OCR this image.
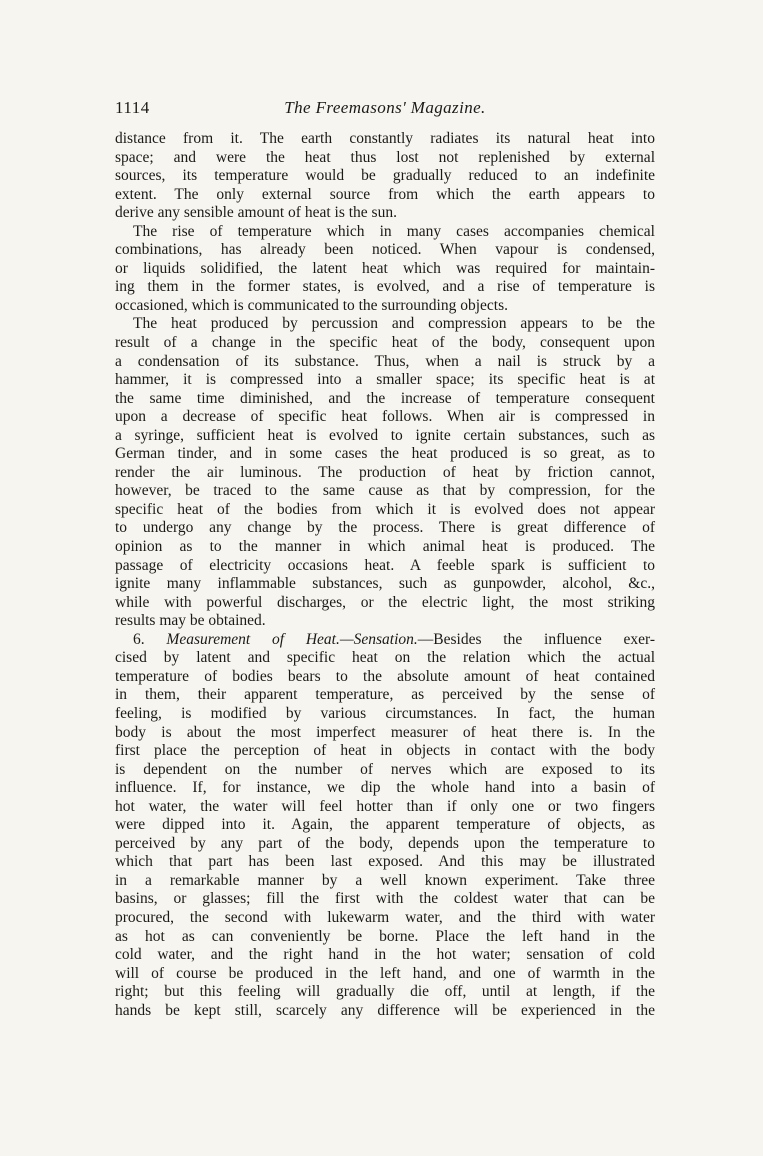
1114	The Freemasons' Magazine.

distance from it. The earth constantly radiates its natural heat into
space; and were the heat thus lost not replenished by external
sources, its temperature would be gradually reduced to an indefinite
extent. The only external source from which the earth appears to
derive any sensible amount of heat is the sun.

The rise of temperature which in many cases accompanies chemical
combinations, has already been noticed. When vapour is condensed,
or liquids solidified, the latent heat which was required for maintain-
ing them in the former states, is evolved, and a rise of temperature is
occasioned, which is communicated to the surrounding objects.

The heat produced by percussion and compression appears to be the
result of a change in the specific heat of the body, consequent upon
a condensation of its substance. Thus, when a nail is struck by a
hammer, it is compressed into a smaller space; its specific heat is at
the same time diminished, and the increase of temperature consequent
upon a decrease of specific heat follows. When air is compressed in
a syringe, sufficient heat is evolved to ignite certain substances, such as
German tinder, and in some cases the heat produced is so great, as to
render the air luminous. The production of heat by friction cannot,
however, be traced to the same cause as that by compression, for the
specific heat of the bodies from which it is evolved does not appear
to undergo any change by the process. There is great difference of
opinion as to the manner in which animal heat is produced. The
passage of electricity occasions heat. A feeble spark is sufficient to
ignite many inflammable substances, such as gunpowder, alcohol, &c.,
while with powerful discharges, or the electric light, the most striking
results may be obtained.

6. Measurement of Heat.—Sensation.—Besides the influence exer-
cised by latent and specific heat on the relation which the actual
temperature of bodies bears to the absolute amount of heat contained
in them, their apparent temperature, as perceived by the sense of
feeling, is modified by various circumstances. In fact, the human
body is about the most imperfect measurer of heat there is. In the
first place the perception of heat in objects in contact with the body
is dependent on the number of nerves which are exposed to its
influence. If, for instance, we dip the whole hand into a basin of
hot water, the water will feel hotter than if only one or two fingers
were dipped into it. Again, the apparent temperature of objects, as
perceived by any part of the body, depends upon the temperature to
which that part has been last exposed. And this may be illustrated
in a remarkable manner by a well known experiment. Take three
basins, or glasses; fill the first with the coldest water that can be
procured, the second with lukewarm water, and the third with water
as hot as can conveniently be borne. Place the left hand in the
cold water, and the right hand in the hot water; sensation of cold
will of course be produced in the left hand, and one of warmth in the
right; but this feeling will gradually die off, until at length, if the
hands be kept still, scarcely any difference will be experienced in the
